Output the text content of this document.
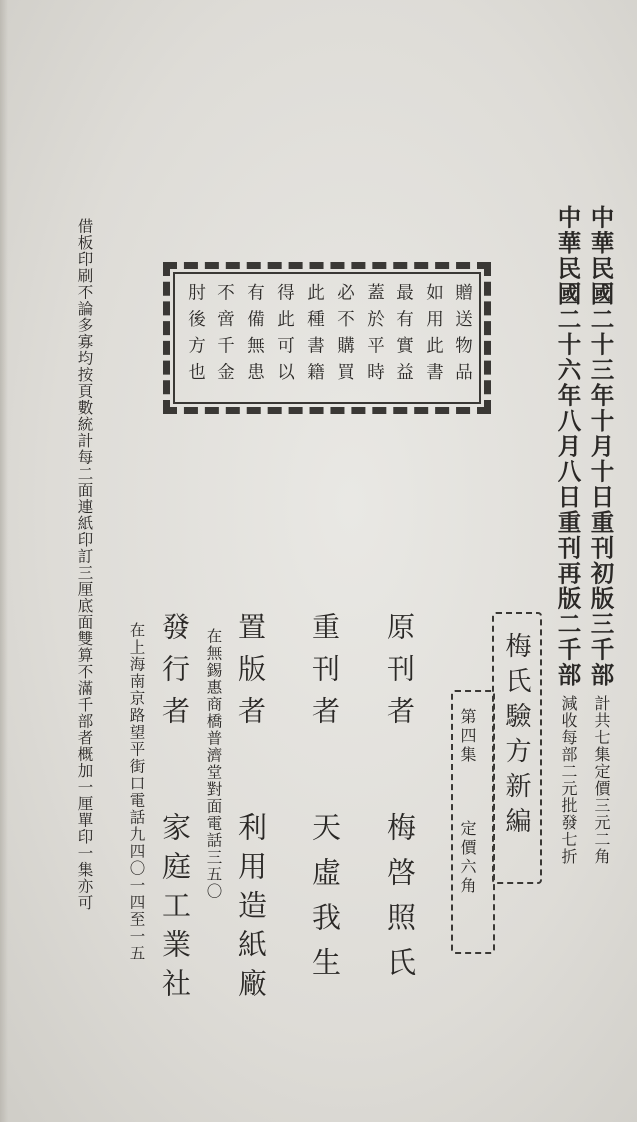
借板印刷不論多寡均按頁數統計每二面連紙印訂三厘底面雙算不滿千部者概加一厘單印一集亦可	贈送物品
如用此書
最有實益
蓋於平時
必不購買
此種書籍
得此可以
有備無患
不啻千金
肘後方也	中華民國二十三年十月十日重刊初版三千部
中華民國二十六年八月八日重刊再版二千部
計共七集定價三元二角
減收每部二元批發七折
梅氏驗方新編
第四集
定價六角
原刊者
梅啓照氏
重刊者
天虛我生
置版者
利用造紙廠
在無錫惠商橋普濟堂對面電話三五〇
發行者
家庭工業社
在上海南京路望平街口電話九四〇一四至一五
